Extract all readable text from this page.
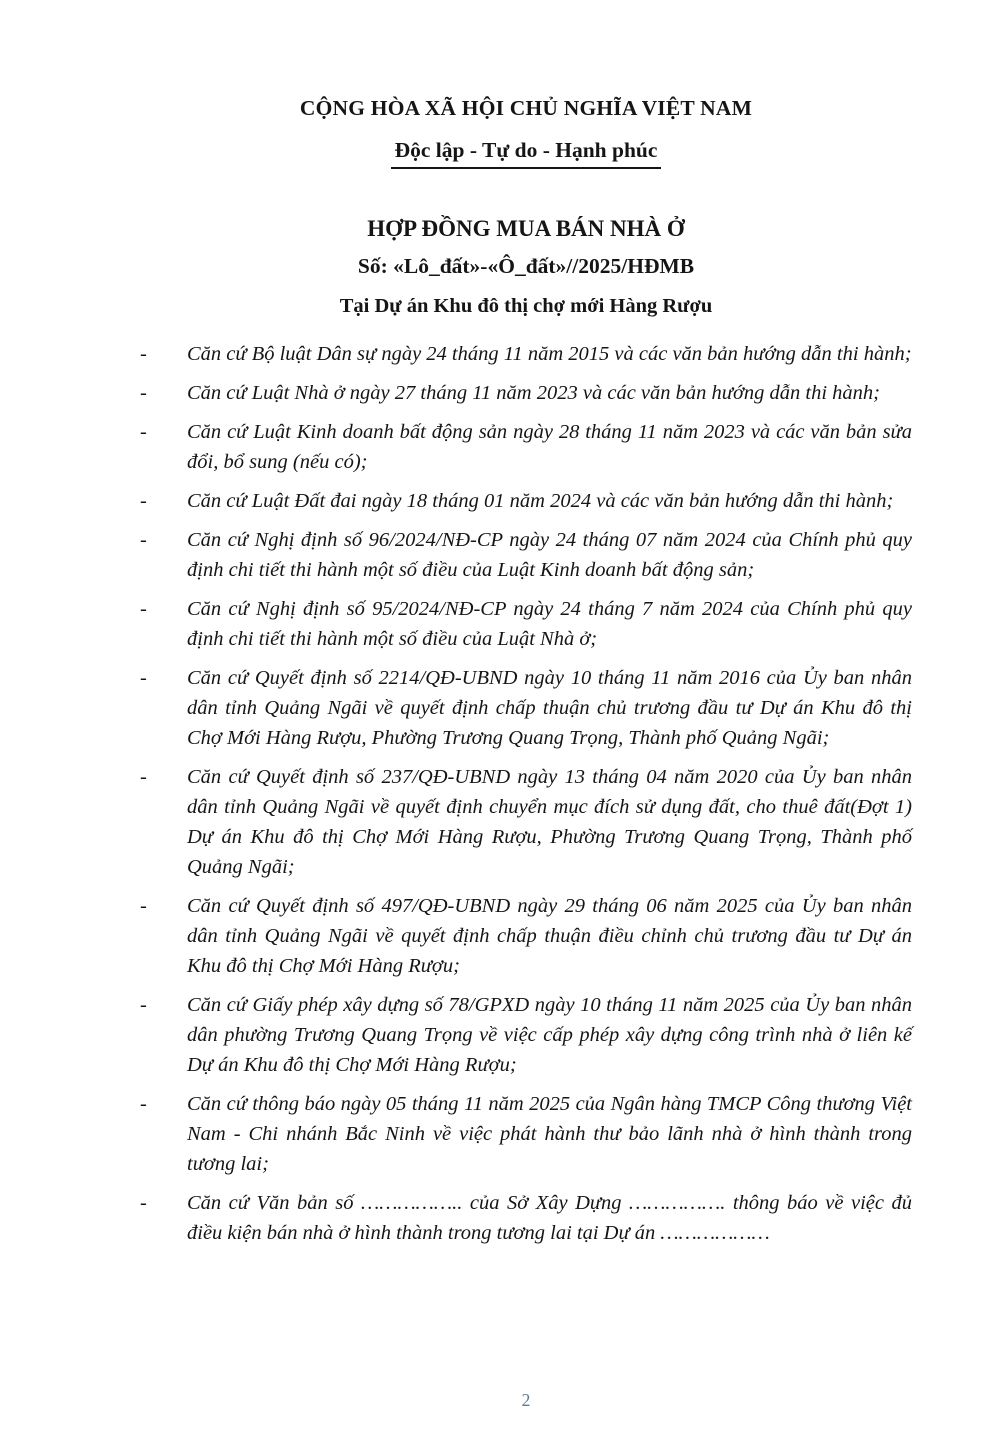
CỘNG HÒA XÃ HỘI CHỦ NGHĨA VIỆT NAM
Độc lập - Tự do - Hạnh phúc
HỢP ĐỒNG MUA BÁN NHÀ Ở
Số: «Lô_đất»-«Ô_đất»//2025/HĐMB
Tại Dự án Khu đô thị chợ mới Hàng Rượu
-	Căn cứ Bộ luật Dân sự ngày 24 tháng 11 năm 2015 và các văn bản hướng dẫn thi hành;
-	Căn cứ Luật Nhà ở ngày 27 tháng 11 năm 2023 và các văn bản hướng dẫn thi hành;
-	Căn cứ Luật Kinh doanh bất động sản ngày 28 tháng 11 năm 2023 và các văn bản sửa đổi, bổ sung (nếu có);
-	Căn cứ Luật Đất đai ngày 18 tháng 01 năm 2024 và các văn bản hướng dẫn thi hành;
-	Căn cứ Nghị định số 96/2024/NĐ-CP ngày 24 tháng 07 năm 2024 của Chính phủ quy định chi tiết thi hành một số điều của Luật Kinh doanh bất động sản;
-	Căn cứ Nghị định số 95/2024/NĐ-CP ngày 24 tháng 7 năm 2024 của Chính phủ quy định chi tiết thi hành một số điều của Luật Nhà ở;
-	Căn cứ Quyết định số 2214/QĐ-UBND ngày 10 tháng 11 năm 2016 của Ủy ban nhân dân tỉnh Quảng Ngãi về quyết định chấp thuận chủ trương đầu tư Dự án Khu đô thị Chợ Mới Hàng Rượu, Phường Trương Quang Trọng, Thành phố Quảng Ngãi;
-	Căn cứ Quyết định số 237/QĐ-UBND ngày 13 tháng 04 năm 2020 của Ủy ban nhân dân tỉnh Quảng Ngãi về quyết định chuyển mục đích sử dụng đất, cho thuê đất(Đợt 1) Dự án Khu đô thị Chợ Mới Hàng Rượu, Phường Trương Quang Trọng, Thành phố Quảng Ngãi;
-	Căn cứ Quyết định số 497/QĐ-UBND ngày 29 tháng 06 năm 2025 của Ủy ban nhân dân tỉnh Quảng Ngãi về quyết định chấp thuận điều chỉnh chủ trương đầu tư Dự án Khu đô thị Chợ Mới Hàng Rượu;
-	Căn cứ Giấy phép xây dựng số 78/GPXD ngày 10 tháng 11 năm 2025 của Ủy ban nhân dân phường Trương Quang Trọng về việc cấp phép xây dựng công trình nhà ở liên kế Dự án Khu đô thị Chợ Mới Hàng Rượu;
-	Căn cứ thông báo ngày 05 tháng 11 năm 2025 của Ngân hàng TMCP Công thương Việt Nam - Chi nhánh Bắc Ninh về việc phát hành thư bảo lãnh nhà ở hình thành trong tương lai;
-	Căn cứ Văn bản số …………….. của Sở Xây Dựng ……………. thông báo về việc đủ điều kiện bán nhà ở hình thành trong tương lai tại Dự án ………………
2
